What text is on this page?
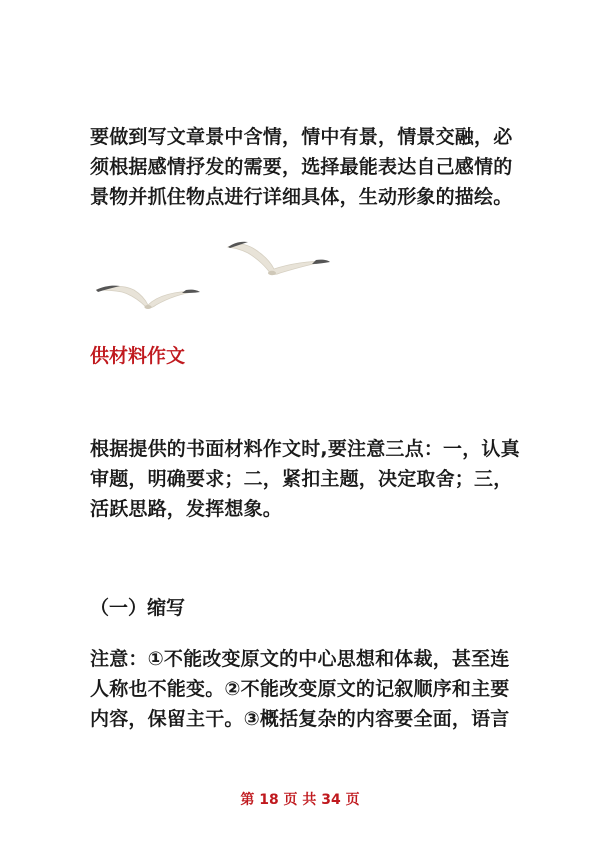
要做到写文章景中含情，情中有景，情景交融，必
须根据感情抒发的需要，选择最能表达自己感情的
景物并抓住物点进行详细具体，生动形象的描绘。
供材料作文
根据提供的书面材料作文时,要注意三点：一，认真
审题，明确要求；二，紧扣主题，决定取舍；三，
活跃思路，发挥想象。
（一）缩写
注意：①不能改变原文的中心思想和体裁，甚至连
人称也不能变。②不能改变原文的记叙顺序和主要
内容，保留主干。③概括复杂的内容要全面，语言
第 18 页 共 34 页
